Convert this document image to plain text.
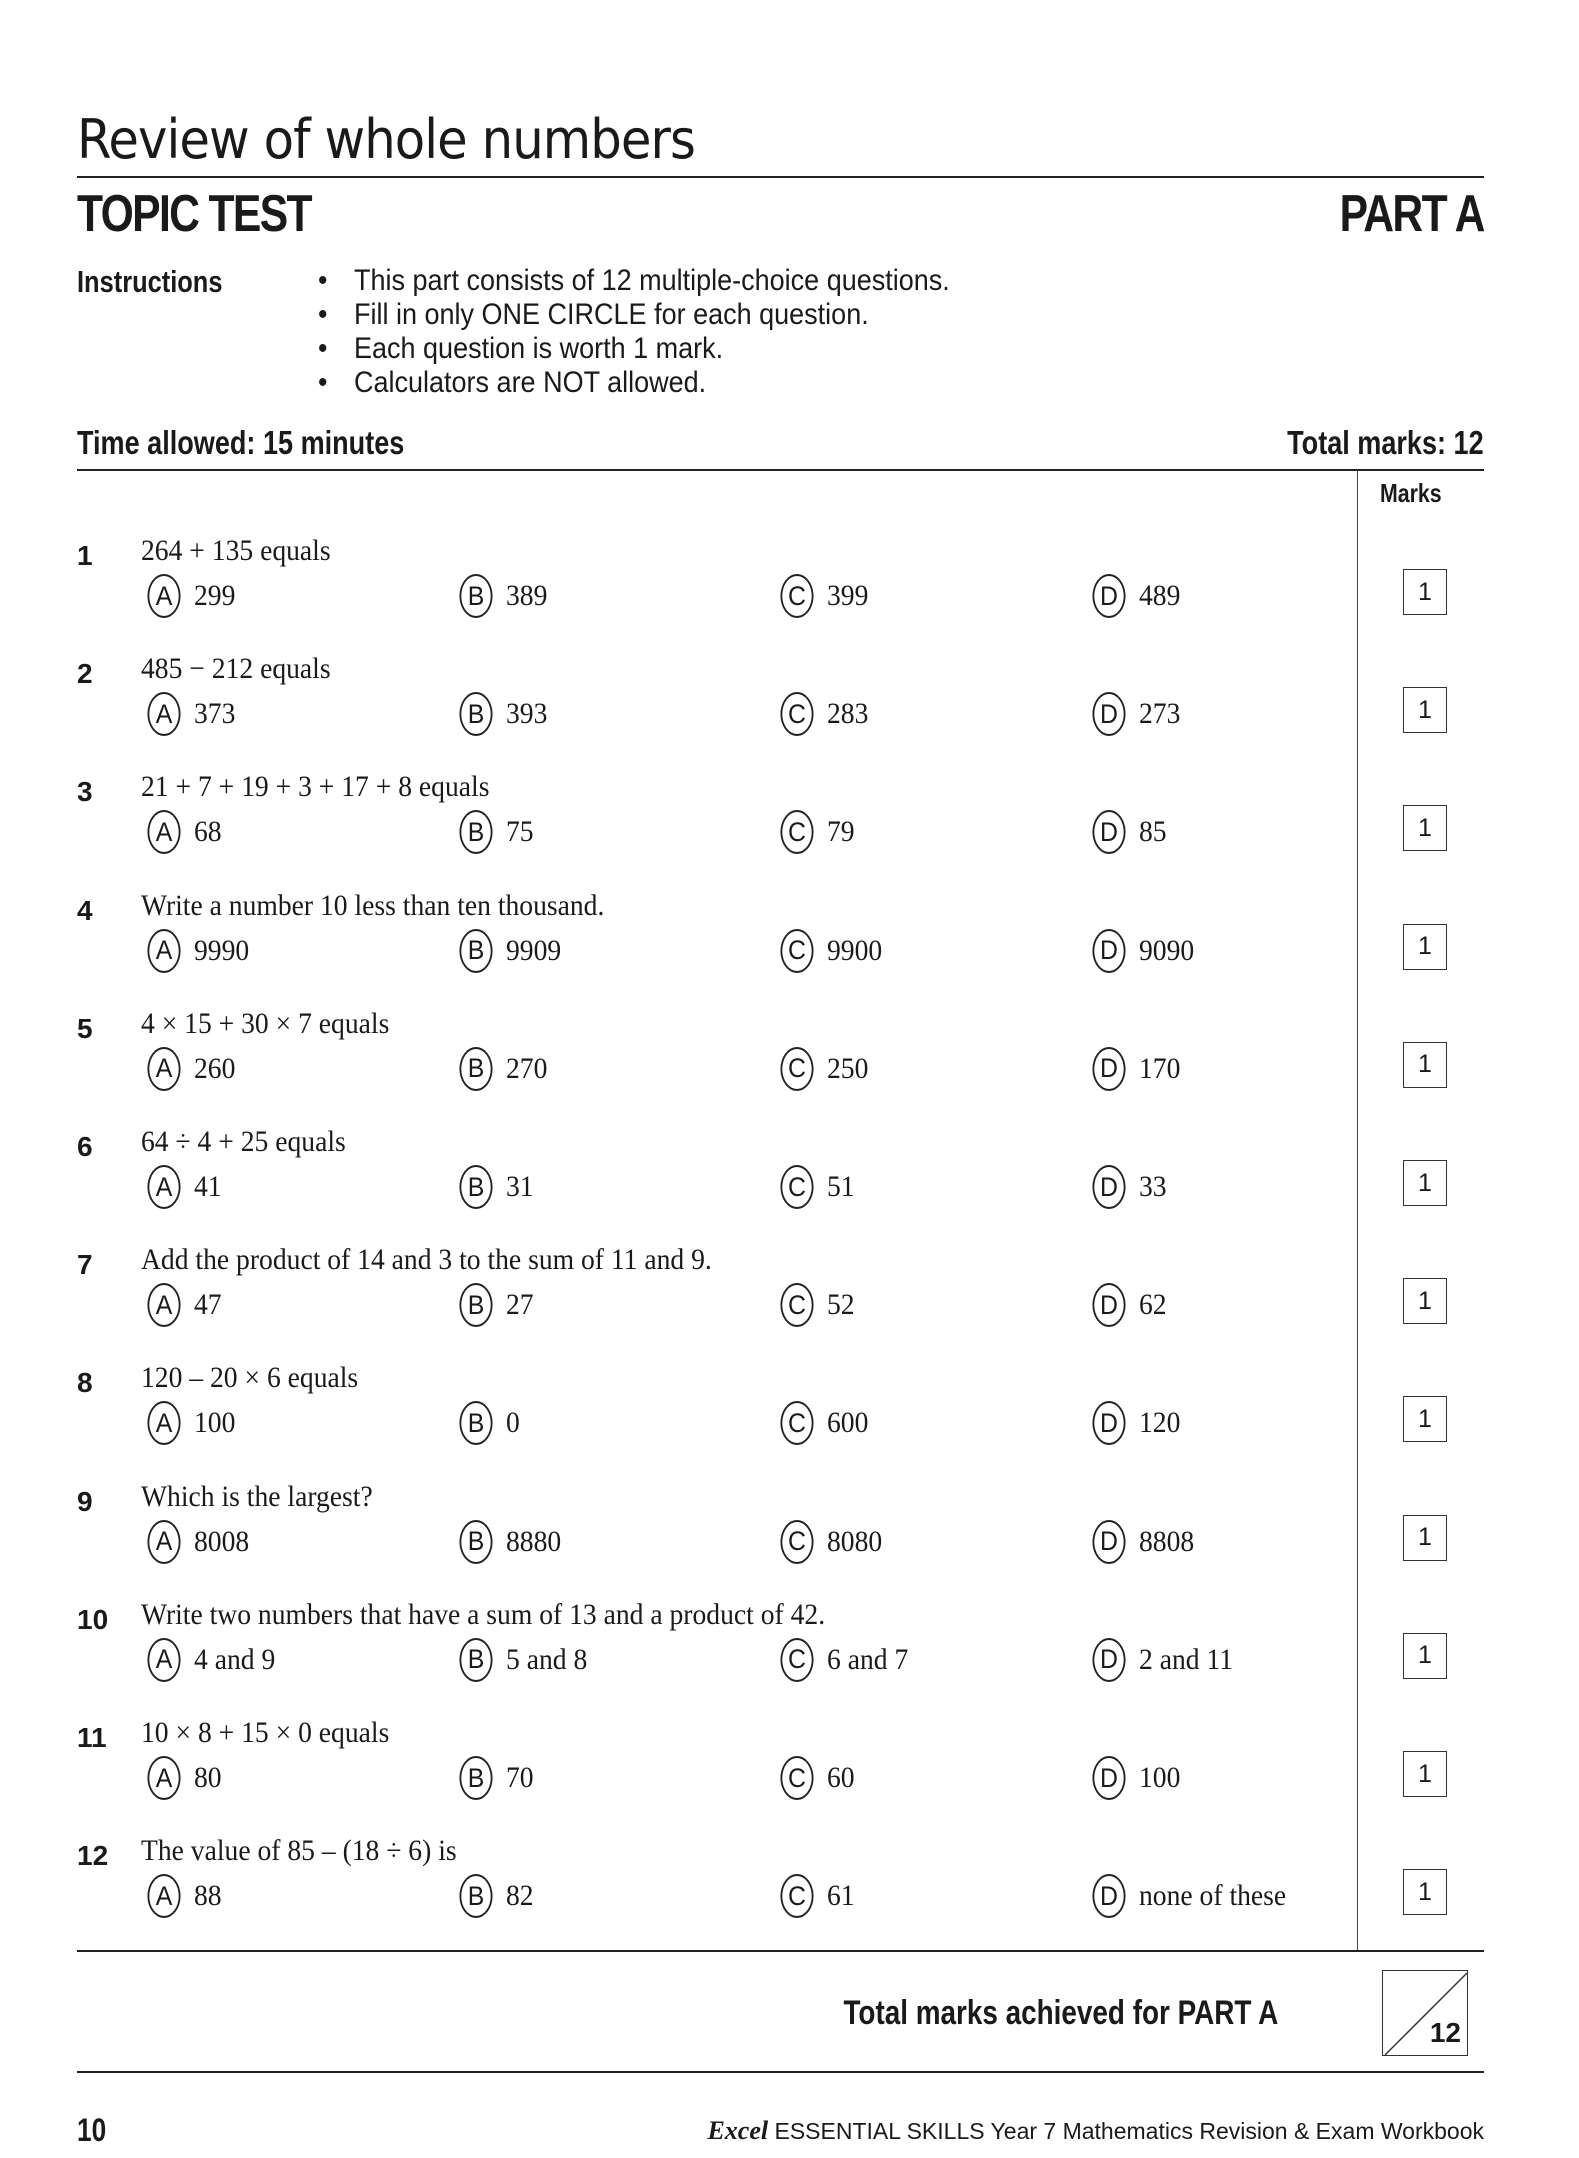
Review of whole numbers
TOPIC TEST	PART A
Instructions	• This part consists of 12 multiple-choice questions.
• Fill in only ONE CIRCLE for each question.
• Each question is worth 1 mark.
• Calculators are NOT allowed.
Time allowed: 15 minutes	Total marks: 12
Marks
1 264 + 135 equals
A 299	B 389	C 399	D 489	1
2 485 − 212 equals
A 373	B 393	C 283	D 273	1
3 21 + 7 + 19 + 3 + 17 + 8 equals
A 68	B 75	C 79	D 85	1
4 Write a number 10 less than ten thousand.
A 9990	B 9909	C 9900	D 9090	1
5 4 × 15 + 30 × 7 equals
A 260	B 270	C 250	D 170	1
6 64 ÷ 4 + 25 equals
A 41	B 31	C 51	D 33	1
7 Add the product of 14 and 3 to the sum of 11 and 9.
A 47	B 27	C 52	D 62	1
8 120 – 20 × 6 equals
A 100	B 0	C 600	D 120	1
9 Which is the largest?
A 8008	B 8880	C 8080	D 8808	1
10 Write two numbers that have a sum of 13 and a product of 42.
A 4 and 9	B 5 and 8	C 6 and 7	D 2 and 11	1
11 10 × 8 + 15 × 0 equals
A 80	B 70	C 60	D 100	1
12 The value of 85 – (18 ÷ 6) is
A 88	B 82	C 61	D none of these	1
Total marks achieved for PART A
12
10	Excel ESSENTIAL SKILLS Year 7 Mathematics Revision & Exam Workbook
